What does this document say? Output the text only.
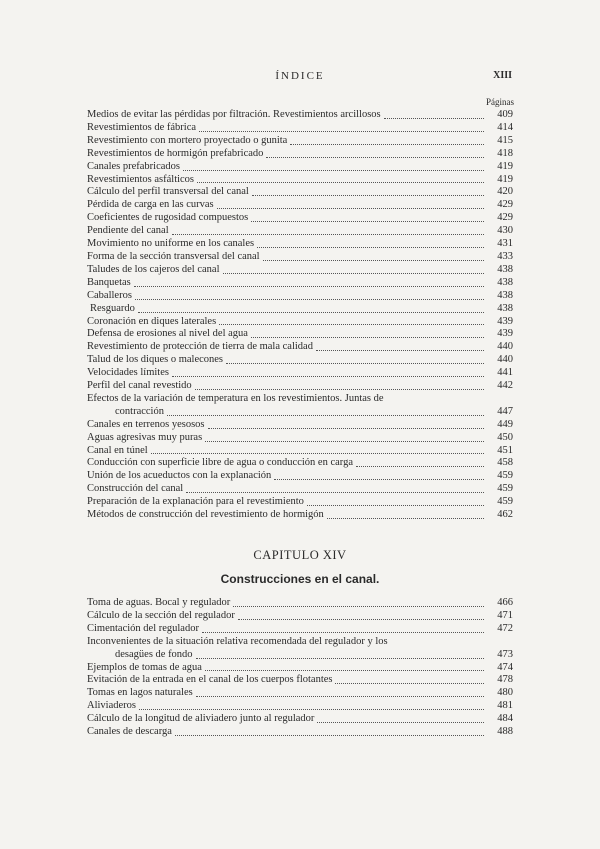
ÍNDICE	XIII
Páginas
Medios de evitar las pérdidas por filtración. Revestimientos arcillosos	409
Revestimientos de fábrica	414
Revestimiento con mortero proyectado o gunita	415
Revestimientos de hormigón prefabricado	418
Canales prefabricados	419
Revestimientos asfálticos	419
Cálculo del perfil transversal del canal	420
Pérdida de carga en las curvas	429
Coeficientes de rugosidad compuestos	429
Pendiente del canal	430
Movimiento no uniforme en los canales	431
Forma de la sección transversal del canal	433
Taludes de los cajeros del canal	438
Banquetas	438
Caballeros	438
Resguardo	438
Coronación en diques laterales	439
Defensa de erosiones al nivel del agua	439
Revestimiento de protección de tierra de mala calidad	440
Talud de los diques o malecones	440
Velocidades límites	441
Perfil del canal revestido	442
Efectos de la variación de temperatura en los revestimientos. Juntas de
contracción	447
Canales en terrenos yesosos	449
Aguas agresivas muy puras	450
Canal en túnel	451
Conducción con superficie libre de agua o conducción en carga	458
Unión de los acueductos con la explanación	459
Construcción del canal	459
Preparación de la explanación para el revestimiento	459
Métodos de construcción del revestimiento de hormigón	462
CAPITULO XIV
Construcciones en el canal.
Toma de aguas. Bocal y regulador	466
Cálculo de la sección del regulador	471
Cimentación del regulador	472
Inconvenientes de la situación relativa recomendada del regulador y los
desagües de fondo	473
Ejemplos de tomas de agua	474
Evitación de la entrada en el canal de los cuerpos flotantes	478
Tomas en lagos naturales	480
Aliviaderos	481
Cálculo de la longitud de aliviadero junto al regulador	484
Canales de descarga	488
